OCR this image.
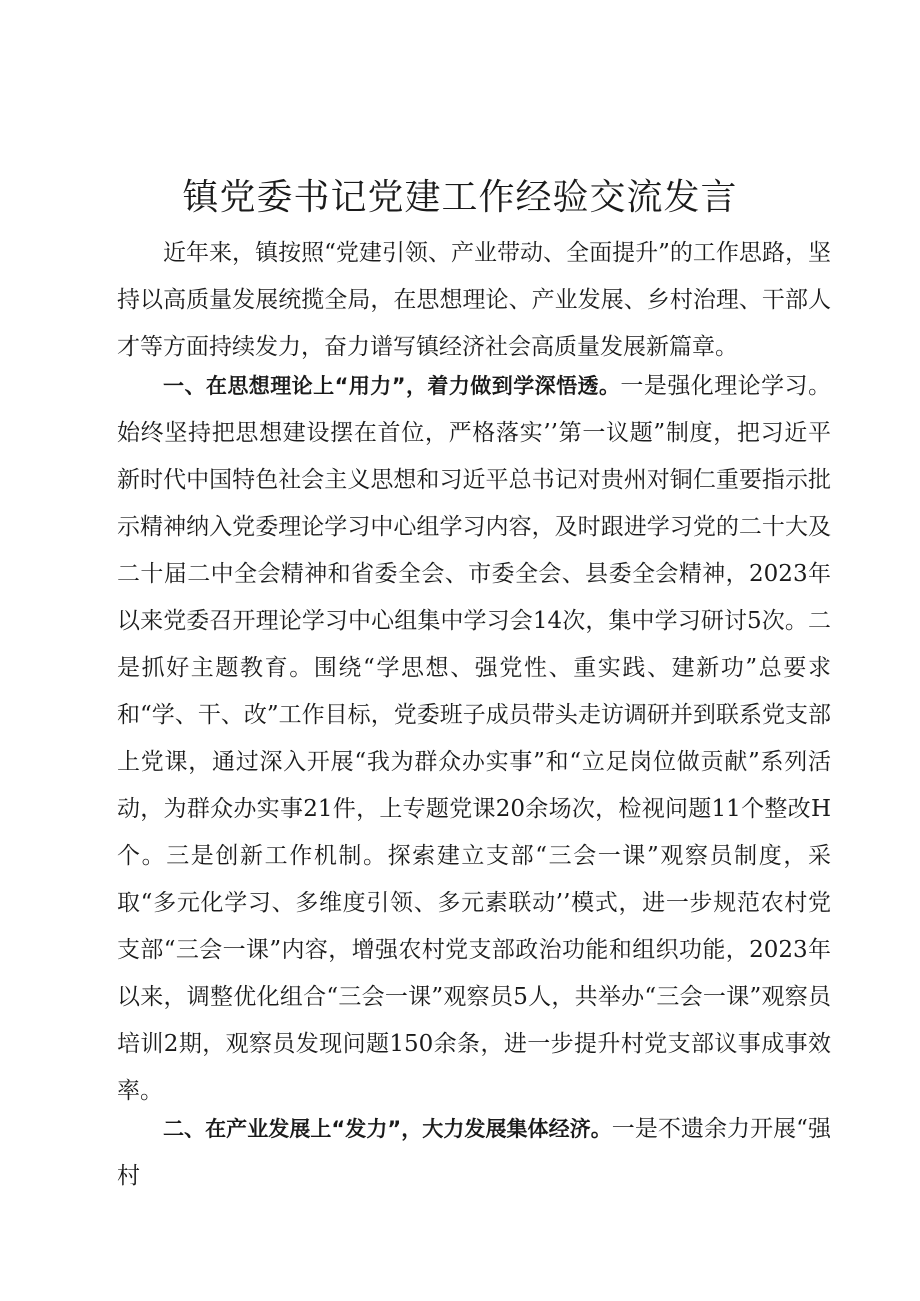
镇党委书记党建工作经验交流发言

近年来，镇按照“党建引领、产业带动、全面提升”的工作思路，坚持以高质量发展统揽全局，在思想理论、产业发展、乡村治理、干部人才等方面持续发力，奋力谱写镇经济社会高质量发展新篇章。

一、在思想理论上“用力”，着力做到学深悟透。一是强化理论学习。始终坚持把思想建设摆在首位，严格落实’’第一议题”制度，把习近平新时代中国特色社会主义思想和习近平总书记对贵州对铜仁重要指示批示精神纳入党委理论学习中心组学习内容，及时跟进学习党的二十大及二十届二中全会精神和省委全会、市委全会、县委全会精神，2023年以来党委召开理论学习中心组集中学习会14次，集中学习研讨5次。二是抓好主题教育。围绕“学思想、强党性、重实践、建新功”总要求和“学、干、改”工作目标，党委班子成员带头走访调研并到联系党支部上党课，通过深入开展“我为群众办实事”和“立足岗位做贡献”系列活动，为群众办实事21件，上专题党课20余场次，检视问题11个整改H个。三是创新工作机制。探索建立支部“三会一课”观察员制度，采取“多元化学习、多维度引领、多元素联动’’模式，进一步规范农村党支部“三会一课”内容，增强农村党支部政治功能和组织功能，2023年以来，调整优化组合“三会一课”观察员5人，共举办“三会一课”观察员培训2期，观察员发现问题150余条，进一步提升村党支部议事成事效率。

二、在产业发展上“发力”，大力发展集体经济。一是不遗余力开展“强村
